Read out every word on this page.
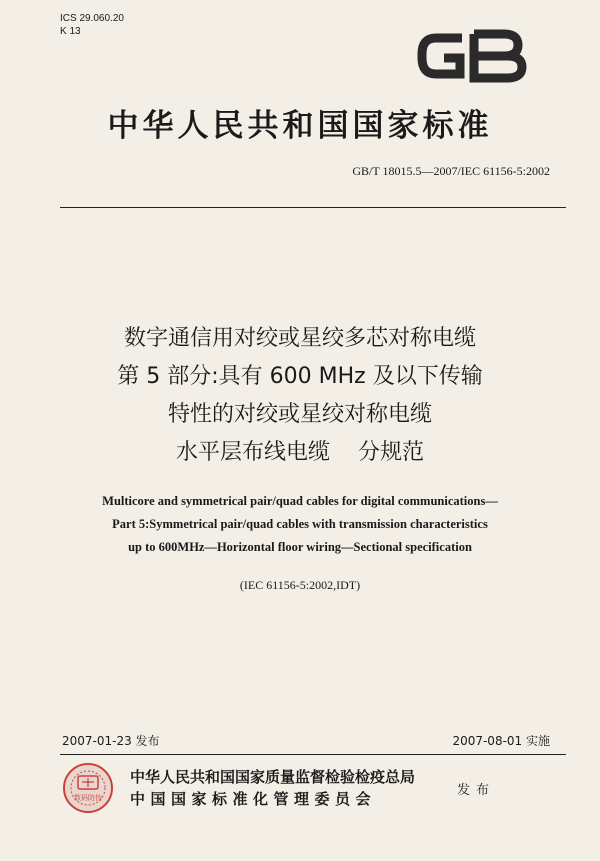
ICS 29.060.20
K 13
中华人民共和国国家标准
GB/T 18015.5—2007/IEC 61156-5:2002
数字通信用对绞或星绞多芯对称电缆
第 5 部分:具有 600 MHz 及以下传输
特性的对绞或星绞对称电缆
水平层布线电缆    分规范
Multicore and symmetrical pair/quad cables for digital communications—
Part 5:Symmetrical pair/quad cables with transmission characteristics
up to 600MHz—Horizontal floor wiring—Sectional specification
(IEC 61156-5:2002,IDT)
2007-01-23 发布	2007-08-01 实施
数码防伪
中华人民共和国国家质量监督检验检疫总局
中国国家标准化管理委员会	发布
